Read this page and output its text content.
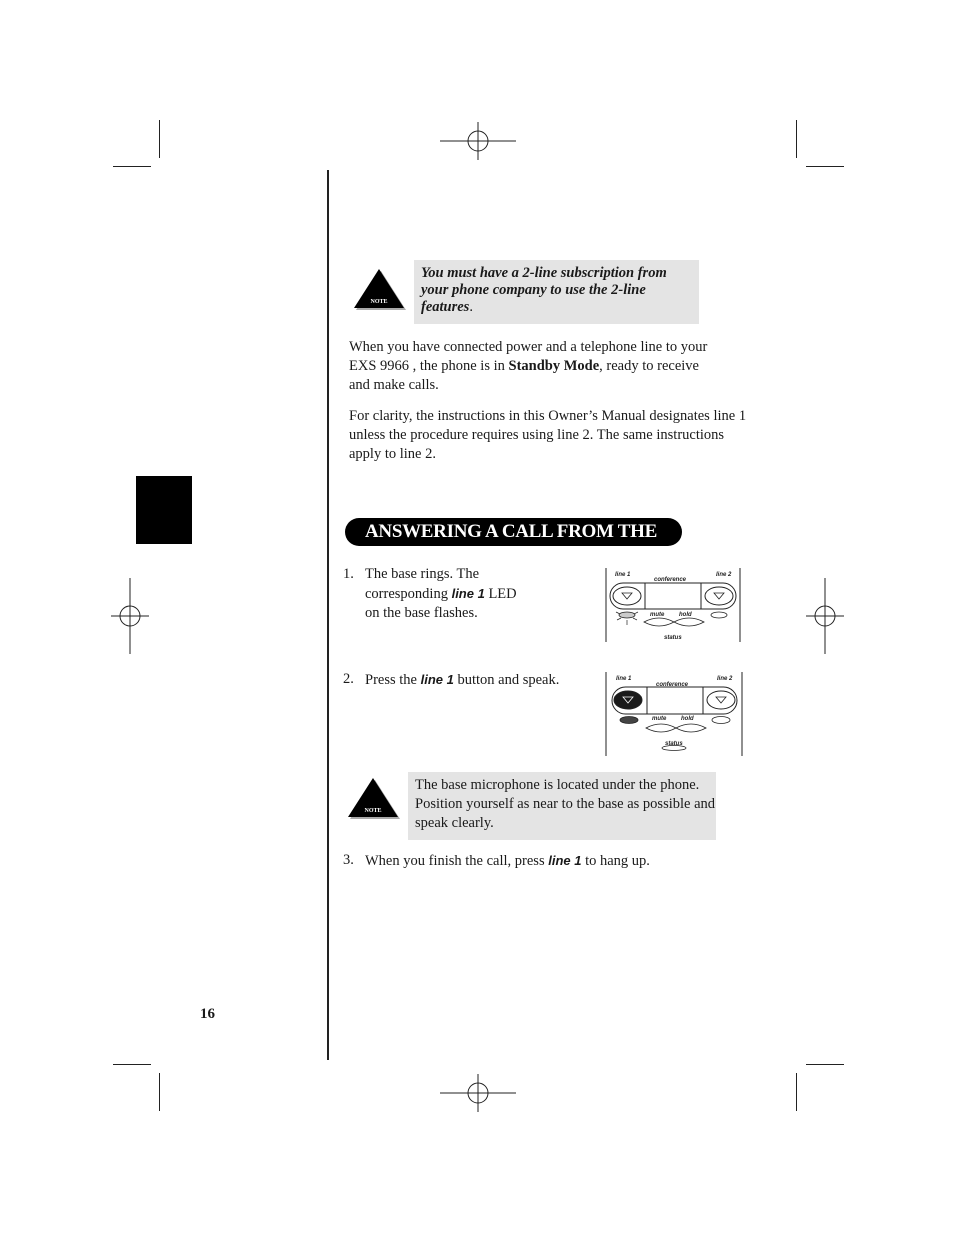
NOTE
You must have a 2-line subscription from your phone company to use the 2-line features.
When you have connected power and a telephone line to your EXS 9966 , the phone is in Standby Mode, ready to receive and make calls.
For clarity, the instructions in this Owner’s Manual designates line 1 unless the procedure requires using line 2. The same instructions apply to line 2.
ANSWERING A CALL FROM THE BASE
1. The base rings. The corresponding line 1 LED on the base flashes.
2. Press the line 1 button and speak.
line 1	line 2
conference
mute hold
status
line 1	line 2
conference
mute hold
status
NOTE
The base microphone is located under the phone. Position yourself as near to the base as possible and speak clearly.
3. When you finish the call, press line 1 to hang up.
16
